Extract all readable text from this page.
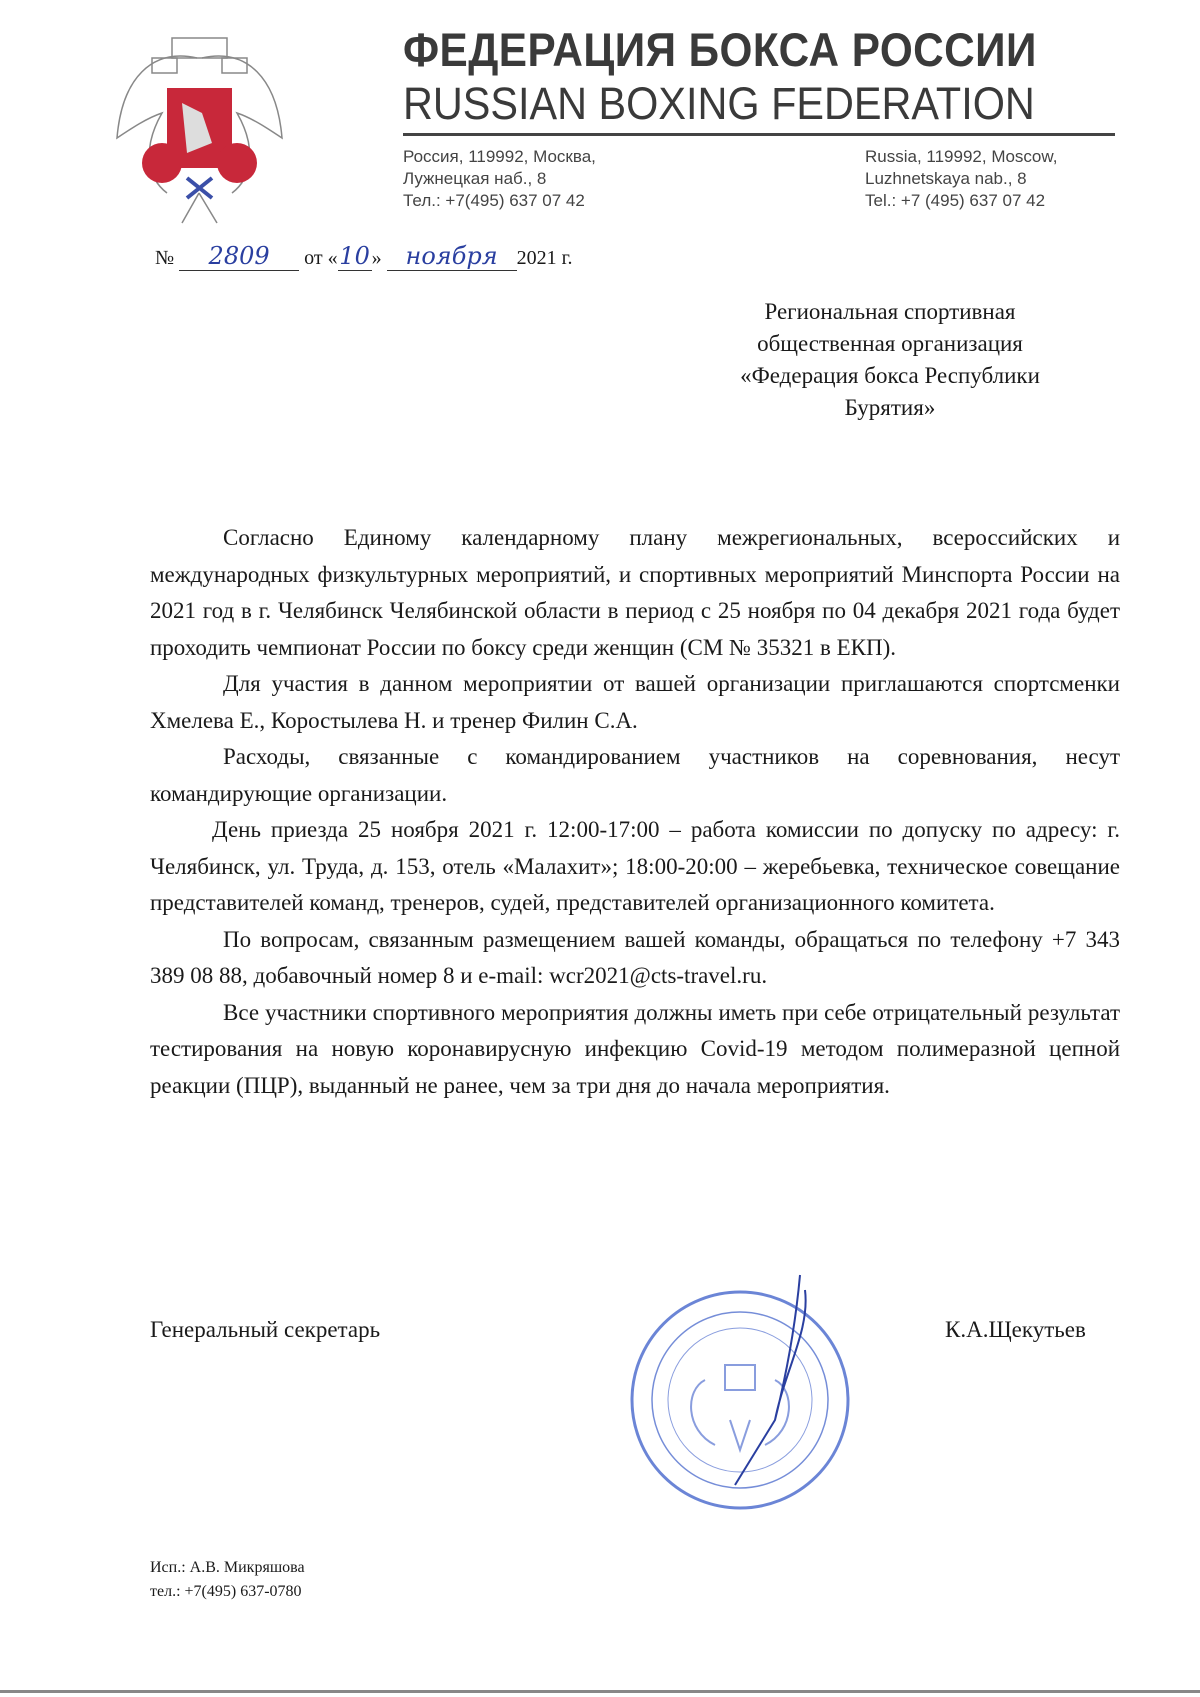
ФЕДЕРАЦИЯ БОКСА РОССИИ
RUSSIAN BOXING FEDERATION
Россия, 119992, Москва,
Лужнецкая наб., 8
Тел.: +7(495) 637 07 42
Russia, 119992, Moscow,
Luzhnetskaya nab., 8
Tel.: +7 (495) 637 07 42
№ 2809 от «10» ноября 2021 г.
Региональная спортивная
общественная организация
«Федерация бокса Республики
Бурятия»

Согласно Единому календарному плану межрегиональных, всероссийских и международных физкультурных мероприятий, и спортивных мероприятий Минспорта России на 2021 год в г. Челябинск Челябинской области в период с 25 ноября по 04 декабря 2021 года будет проходить чемпионат России по боксу среди женщин (СМ № 35321 в ЕКП).

Для участия в данном мероприятии от вашей организации приглашаются спортсменки Хмелева Е., Коростылева Н. и тренер Филин С.А.

Расходы, связанные с командированием участников на соревнования, несут командирующие организации.

День приезда 25 ноября 2021 г. 12:00-17:00 – работа комиссии по допуску по адресу: г. Челябинск, ул. Труда, д. 153, отель «Малахит»; 18:00-20:00 – жеребьевка, техническое совещание представителей команд, тренеров, судей, представителей организационного комитета.

По вопросам, связанным размещением вашей команды, обращаться по телефону +7 343 389 08 88, добавочный номер 8 и e-mail: wcr2021@cts-travel.ru.

Все участники спортивного мероприятия должны иметь при себе отрицательный результат тестирования на новую коронавирусную инфекцию Covid-19 методом полимеразной цепной реакции (ПЦР), выданный не ранее, чем за три дня до начала мероприятия.

Генеральный секретарь	К.А.Щекутьев
Исп.: А.В. Микряшова
тел.: +7(495) 637-0780
